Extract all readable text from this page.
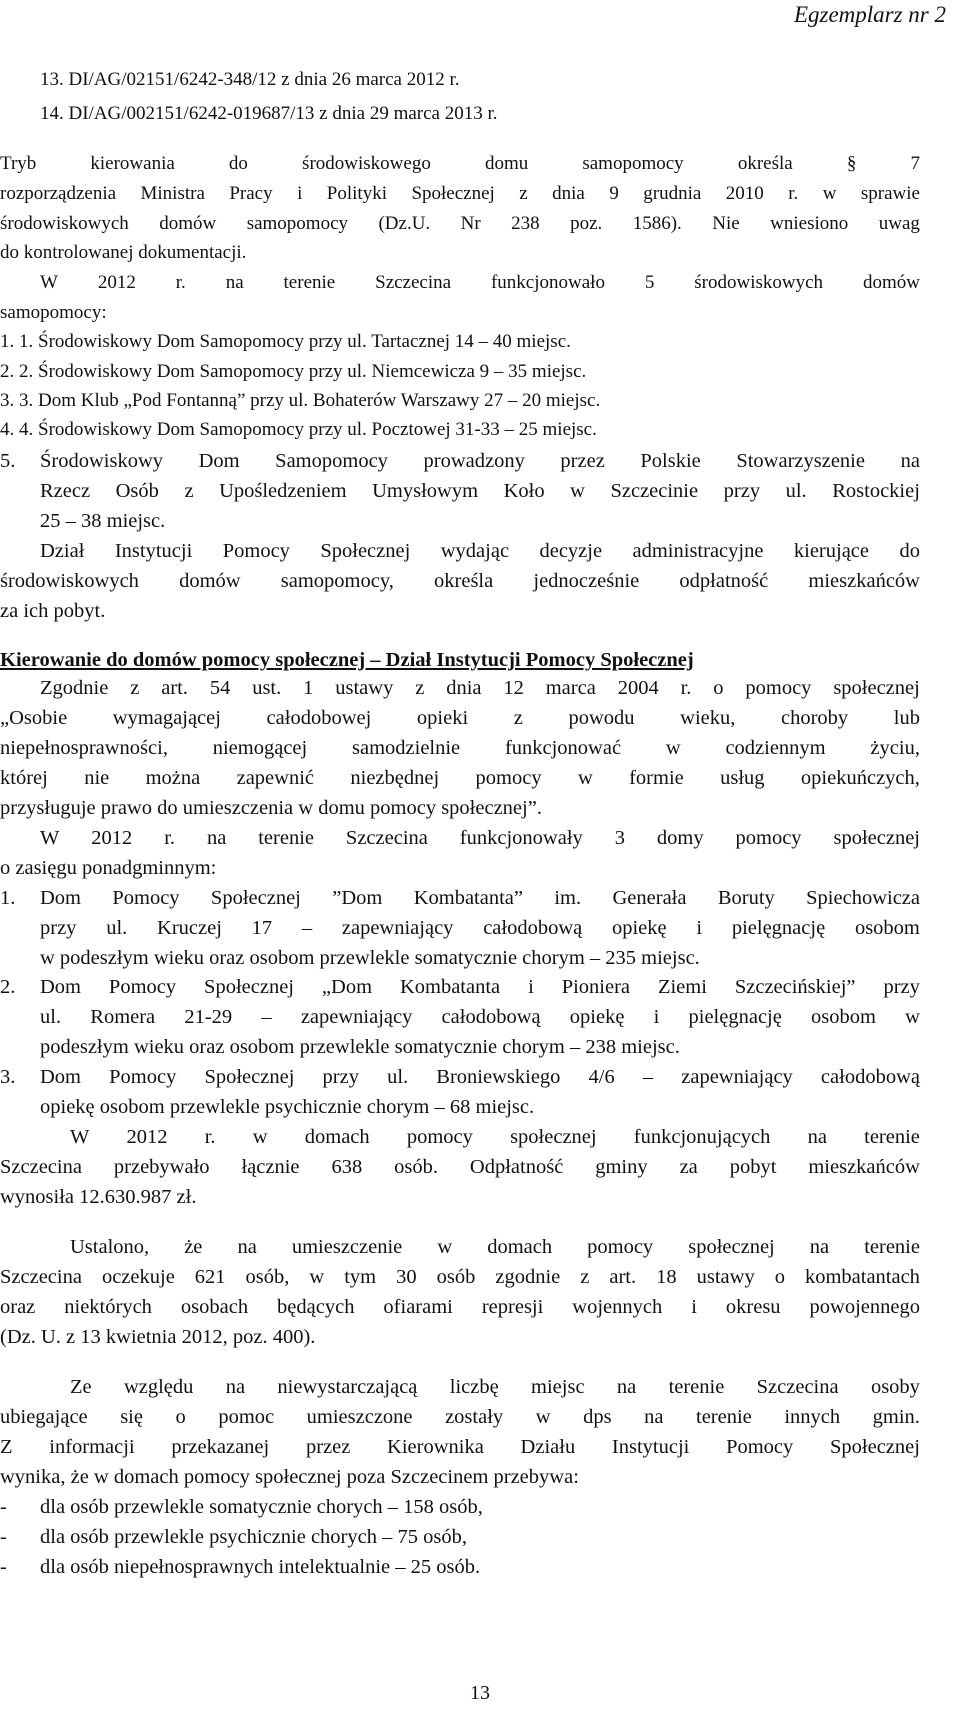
Egzemplarz nr 2
13. DI/AG/02151/6242-348/12 z dnia 26 marca 2012 r.
14. DI/AG/002151/6242-019687/13 z dnia 29 marca 2013 r.
Tryb	kierowania	do	środowiskowego	domu	samopomocy	określa	§	7
rozporządzenia Ministra Pracy i Polityki Społecznej z dnia 9 grudnia 2010 r. w sprawie
środowiskowych domów samopomocy (Dz.U. Nr 238 poz. 1586). Nie wniesiono uwag
do kontrolowanej dokumentacji.
W 2012 r. na terenie Szczecina funkcjonowało 5 środowiskowych domów
samopomocy:
1. 1. Środowiskowy Dom Samopomocy przy ul. Tartacznej 14 – 40 miejsc.
2. 2. Środowiskowy Dom Samopomocy przy ul. Niemcewicza 9 – 35 miejsc.
3. 3. Dom Klub „Pod Fontanną” przy ul. Bohaterów Warszawy 27 – 20 miejsc.
4. 4. Środowiskowy Dom Samopomocy przy ul. Pocztowej 31-33 – 25 miejsc.
Środowiskowy Dom Samopomocy prowadzony przez Polskie Stowarzyszenie na
Rzecz Osób z Upośledzeniem Umysłowym Koło w Szczecinie przy ul. Rostockiej
25 – 38 miejsc.
Dział Instytucji Pomocy Społecznej wydając decyzje administracyjne kierujące do
środowiskowych domów samopomocy, określa jednocześnie odpłatność mieszkańców
za ich pobyt.
Kierowanie do domów pomocy społecznej – Dział Instytucji Pomocy Społecznej
Zgodnie z art. 54 ust. 1 ustawy z dnia 12 marca 2004 r. o pomocy społecznej
„Osobie wymagającej całodobowej opieki z powodu wieku, choroby lub
niepełnosprawności, niemogącej samodzielnie funkcjonować w codziennym życiu,
której nie można zapewnić niezbędnej pomocy w formie usług opiekuńczych,
przysługuje prawo do umieszczenia w domu pomocy społecznej”.
W 2012 r. na terenie Szczecina funkcjonowały 3 domy pomocy społecznej
o zasięgu ponadgminnym:
Dom Pomocy Społecznej ”Dom Kombatanta” im. Generała Boruty Spiechowicza
przy ul. Kruczej 17 – zapewniający całodobową opiekę i pielęgnację osobom
w podeszłym wieku oraz osobom przewlekle somatycznie chorym – 235 miejsc.
Dom Pomocy Społecznej „Dom Kombatanta i Pioniera Ziemi Szczecińskiej” przy
ul. Romera 21-29 – zapewniający całodobową opiekę i pielęgnację osobom w
podeszłym wieku oraz osobom przewlekle somatycznie chorym – 238 miejsc.
Dom Pomocy Społecznej przy ul. Broniewskiego 4/6 – zapewniający całodobową
opiekę osobom przewlekle psychicznie chorym – 68 miejsc.
W 2012 r. w domach pomocy społecznej funkcjonujących na terenie
Szczecina przebywało łącznie 638 osób. Odpłatność gminy za pobyt mieszkańców
wynosiła 12.630.987 zł.
Ustalono, że na umieszczenie w domach pomocy społecznej na terenie
Szczecina oczekuje 621 osób, w tym 30 osób zgodnie z art. 18 ustawy o kombatantach
oraz niektórych osobach będących ofiarami represji wojennych i okresu powojennego
(Dz. U. z 13 kwietnia 2012, poz. 400).
Ze względu na niewystarczającą liczbę miejsc na terenie Szczecina osoby
ubiegające się o pomoc umieszczone zostały w dps na terenie innych gmin.
Z informacji przekazanej przez Kierownika Działu Instytucji Pomocy Społecznej
wynika, że w domach pomocy społecznej poza Szczecinem przebywa:
dla osób przewlekle somatycznie chorych – 158 osób,
dla osób przewlekle psychicznie chorych – 75 osób,
dla osób niepełnosprawnych intelektualnie – 25 osób.
5.
1.
2.
3.
-
-
-
13
